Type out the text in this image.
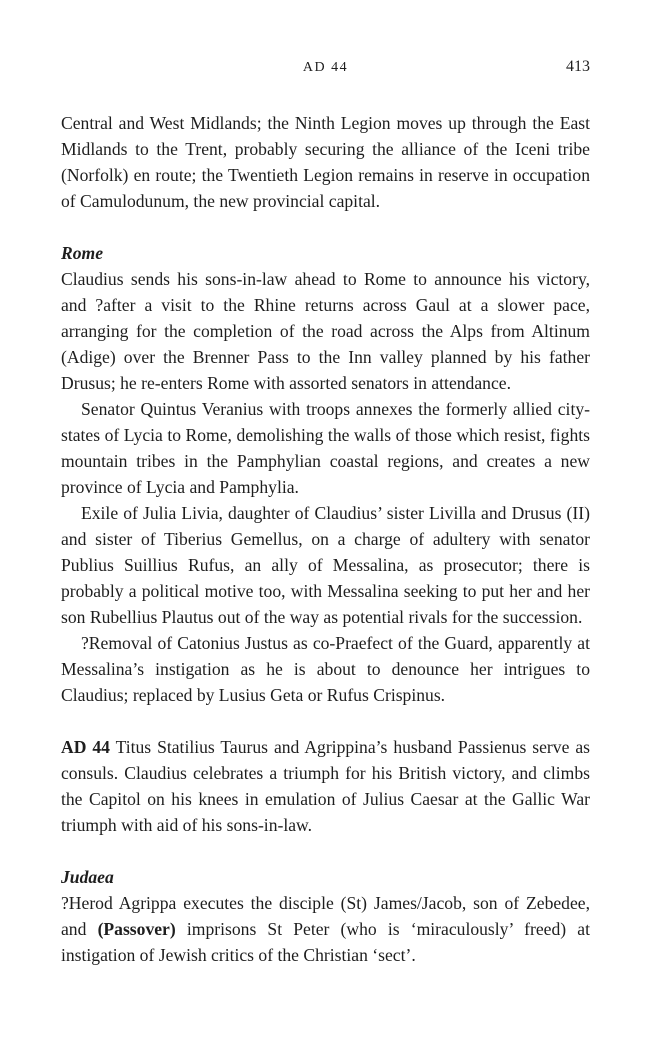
AD 44	413

Central and West Midlands; the Ninth Legion moves up through the East Midlands to the Trent, probably securing the alliance of the Iceni tribe (Norfolk) en route; the Twentieth Legion remains in reserve in occupation of Camulodunum, the new provincial capital.

Rome

Claudius sends his sons-in-law ahead to Rome to announce his victory, and ?after a visit to the Rhine returns across Gaul at a slower pace, arranging for the completion of the road across the Alps from Altinum (Adige) over the Brenner Pass to the Inn valley planned by his father Drusus; he re-enters Rome with assorted senators in attendance.

Senator Quintus Veranius with troops annexes the formerly allied city-states of Lycia to Rome, demolishing the walls of those which resist, fights mountain tribes in the Pamphylian coastal regions, and creates a new province of Lycia and Pamphylia.

Exile of Julia Livia, daughter of Claudius’ sister Livilla and Drusus (II) and sister of Tiberius Gemellus, on a charge of adultery with senator Publius Suillius Rufus, an ally of Messalina, as prosecutor; there is probably a political motive too, with Messalina seeking to put her and her son Rubellius Plautus out of the way as potential rivals for the succession.

?Removal of Catonius Justus as co-Praefect of the Guard, apparently at Messalina’s instigation as he is about to denounce her intrigues to Claudius; replaced by Lusius Geta or Rufus Crispinus.

AD 44 Titus Statilius Taurus and Agrippina’s husband Passienus serve as consuls. Claudius celebrates a triumph for his British victory, and climbs the Capitol on his knees in emulation of Julius Caesar at the Gallic War triumph with aid of his sons-in-law.

Judaea

?Herod Agrippa executes the disciple (St) James/Jacob, son of Zebedee, and (Passover) imprisons St Peter (who is ‘miraculously’ freed) at instigation of Jewish critics of the Christian ‘sect’.
